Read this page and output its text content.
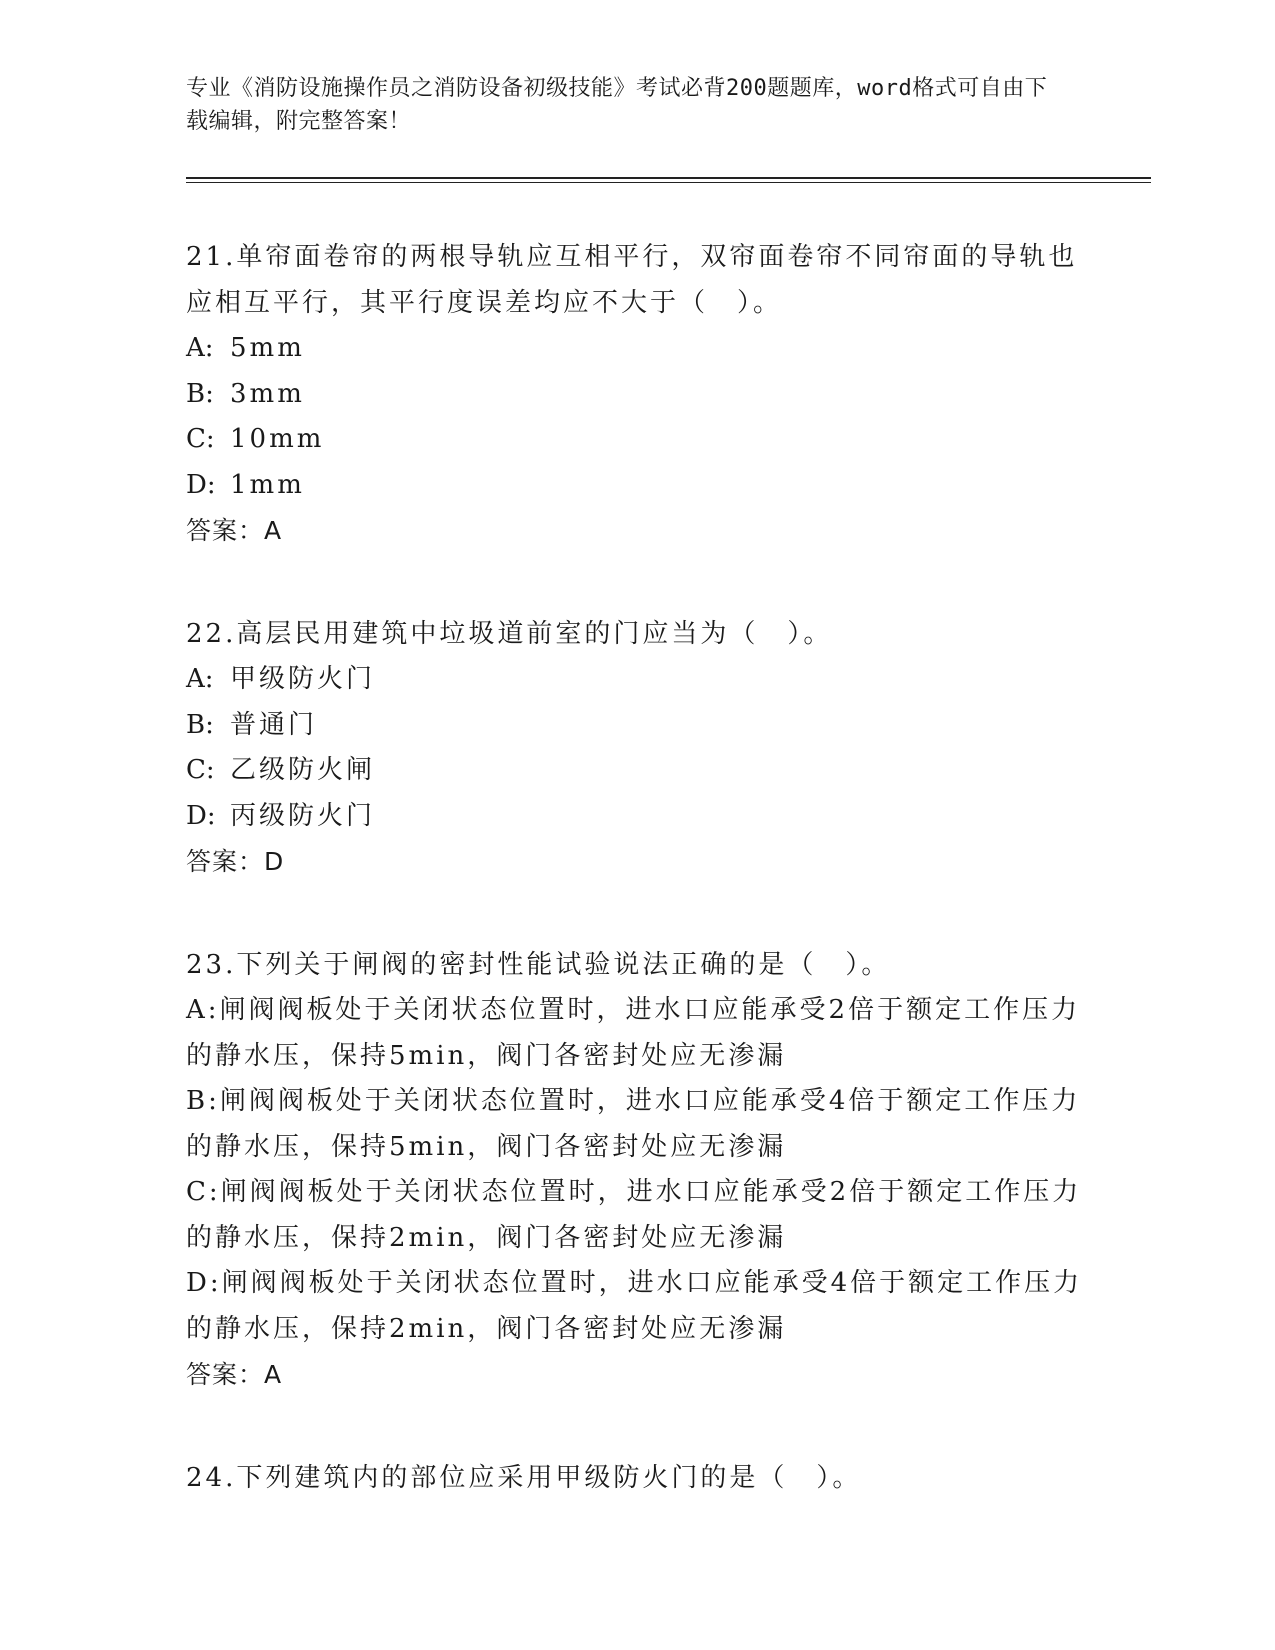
专业《消防设施操作员之消防设备初级技能》考试必背200题题库，word格式可自由下载编辑，附完整答案！

21.单帘面卷帘的两根导轨应互相平行，双帘面卷帘不同帘面的导轨也应相互平行，其平行度误差均应不大于（　）。

A: 5mm

B: 3mm

C: 10mm

D: 1mm

答案：A

22.高层民用建筑中垃圾道前室的门应当为（　）。

A: 甲级防火门

B: 普通门

C: 乙级防火闸

D: 丙级防火门

答案：D

23.下列关于闸阀的密封性能试验说法正确的是（　）。

A:闸阀阀板处于关闭状态位置时，进水口应能承受2倍于额定工作压力的静水压，保持5min，阀门各密封处应无渗漏

B:闸阀阀板处于关闭状态位置时，进水口应能承受4倍于额定工作压力的静水压，保持5min，阀门各密封处应无渗漏

C:闸阀阀板处于关闭状态位置时，进水口应能承受2倍于额定工作压力的静水压，保持2min，阀门各密封处应无渗漏

D:闸阀阀板处于关闭状态位置时，进水口应能承受4倍于额定工作压力的静水压，保持2min，阀门各密封处应无渗漏

答案：A

24.下列建筑内的部位应采用甲级防火门的是（　）。
